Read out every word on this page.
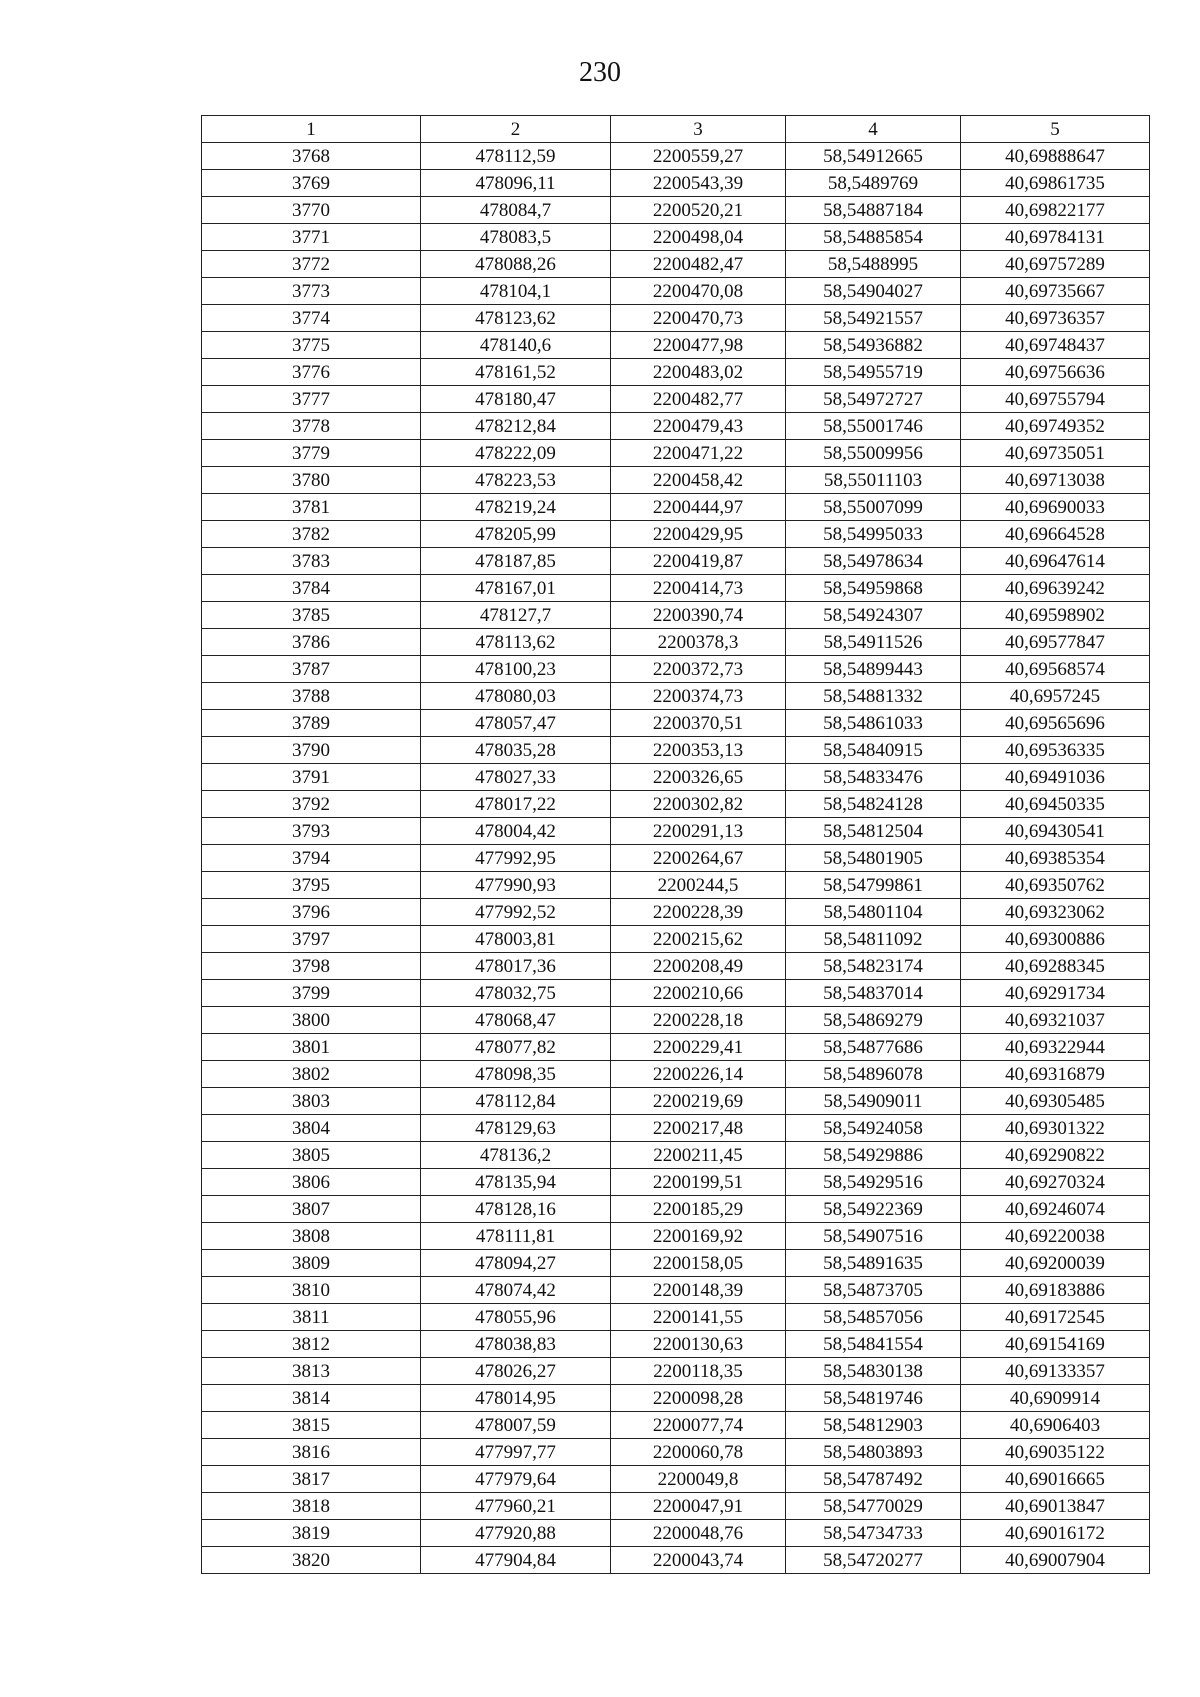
230
1	2	3	4	5
3768	478112,59	2200559,27	58,54912665	40,69888647
3769	478096,11	2200543,39	58,5489769	40,69861735
3770	478084,7	2200520,21	58,54887184	40,69822177
3771	478083,5	2200498,04	58,54885854	40,69784131
3772	478088,26	2200482,47	58,5488995	40,69757289
3773	478104,1	2200470,08	58,54904027	40,69735667
3774	478123,62	2200470,73	58,54921557	40,69736357
3775	478140,6	2200477,98	58,54936882	40,69748437
3776	478161,52	2200483,02	58,54955719	40,69756636
3777	478180,47	2200482,77	58,54972727	40,69755794
3778	478212,84	2200479,43	58,55001746	40,69749352
3779	478222,09	2200471,22	58,55009956	40,69735051
3780	478223,53	2200458,42	58,55011103	40,69713038
3781	478219,24	2200444,97	58,55007099	40,69690033
3782	478205,99	2200429,95	58,54995033	40,69664528
3783	478187,85	2200419,87	58,54978634	40,69647614
3784	478167,01	2200414,73	58,54959868	40,69639242
3785	478127,7	2200390,74	58,54924307	40,69598902
3786	478113,62	2200378,3	58,54911526	40,69577847
3787	478100,23	2200372,73	58,54899443	40,69568574
3788	478080,03	2200374,73	58,54881332	40,6957245
3789	478057,47	2200370,51	58,54861033	40,69565696
3790	478035,28	2200353,13	58,54840915	40,69536335
3791	478027,33	2200326,65	58,54833476	40,69491036
3792	478017,22	2200302,82	58,54824128	40,69450335
3793	478004,42	2200291,13	58,54812504	40,69430541
3794	477992,95	2200264,67	58,54801905	40,69385354
3795	477990,93	2200244,5	58,54799861	40,69350762
3796	477992,52	2200228,39	58,54801104	40,69323062
3797	478003,81	2200215,62	58,54811092	40,69300886
3798	478017,36	2200208,49	58,54823174	40,69288345
3799	478032,75	2200210,66	58,54837014	40,69291734
3800	478068,47	2200228,18	58,54869279	40,69321037
3801	478077,82	2200229,41	58,54877686	40,69322944
3802	478098,35	2200226,14	58,54896078	40,69316879
3803	478112,84	2200219,69	58,54909011	40,69305485
3804	478129,63	2200217,48	58,54924058	40,69301322
3805	478136,2	2200211,45	58,54929886	40,69290822
3806	478135,94	2200199,51	58,54929516	40,69270324
3807	478128,16	2200185,29	58,54922369	40,69246074
3808	478111,81	2200169,92	58,54907516	40,69220038
3809	478094,27	2200158,05	58,54891635	40,69200039
3810	478074,42	2200148,39	58,54873705	40,69183886
3811	478055,96	2200141,55	58,54857056	40,69172545
3812	478038,83	2200130,63	58,54841554	40,69154169
3813	478026,27	2200118,35	58,54830138	40,69133357
3814	478014,95	2200098,28	58,54819746	40,6909914
3815	478007,59	2200077,74	58,54812903	40,6906403
3816	477997,77	2200060,78	58,54803893	40,69035122
3817	477979,64	2200049,8	58,54787492	40,69016665
3818	477960,21	2200047,91	58,54770029	40,69013847
3819	477920,88	2200048,76	58,54734733	40,69016172
3820	477904,84	2200043,74	58,54720277	40,69007904
